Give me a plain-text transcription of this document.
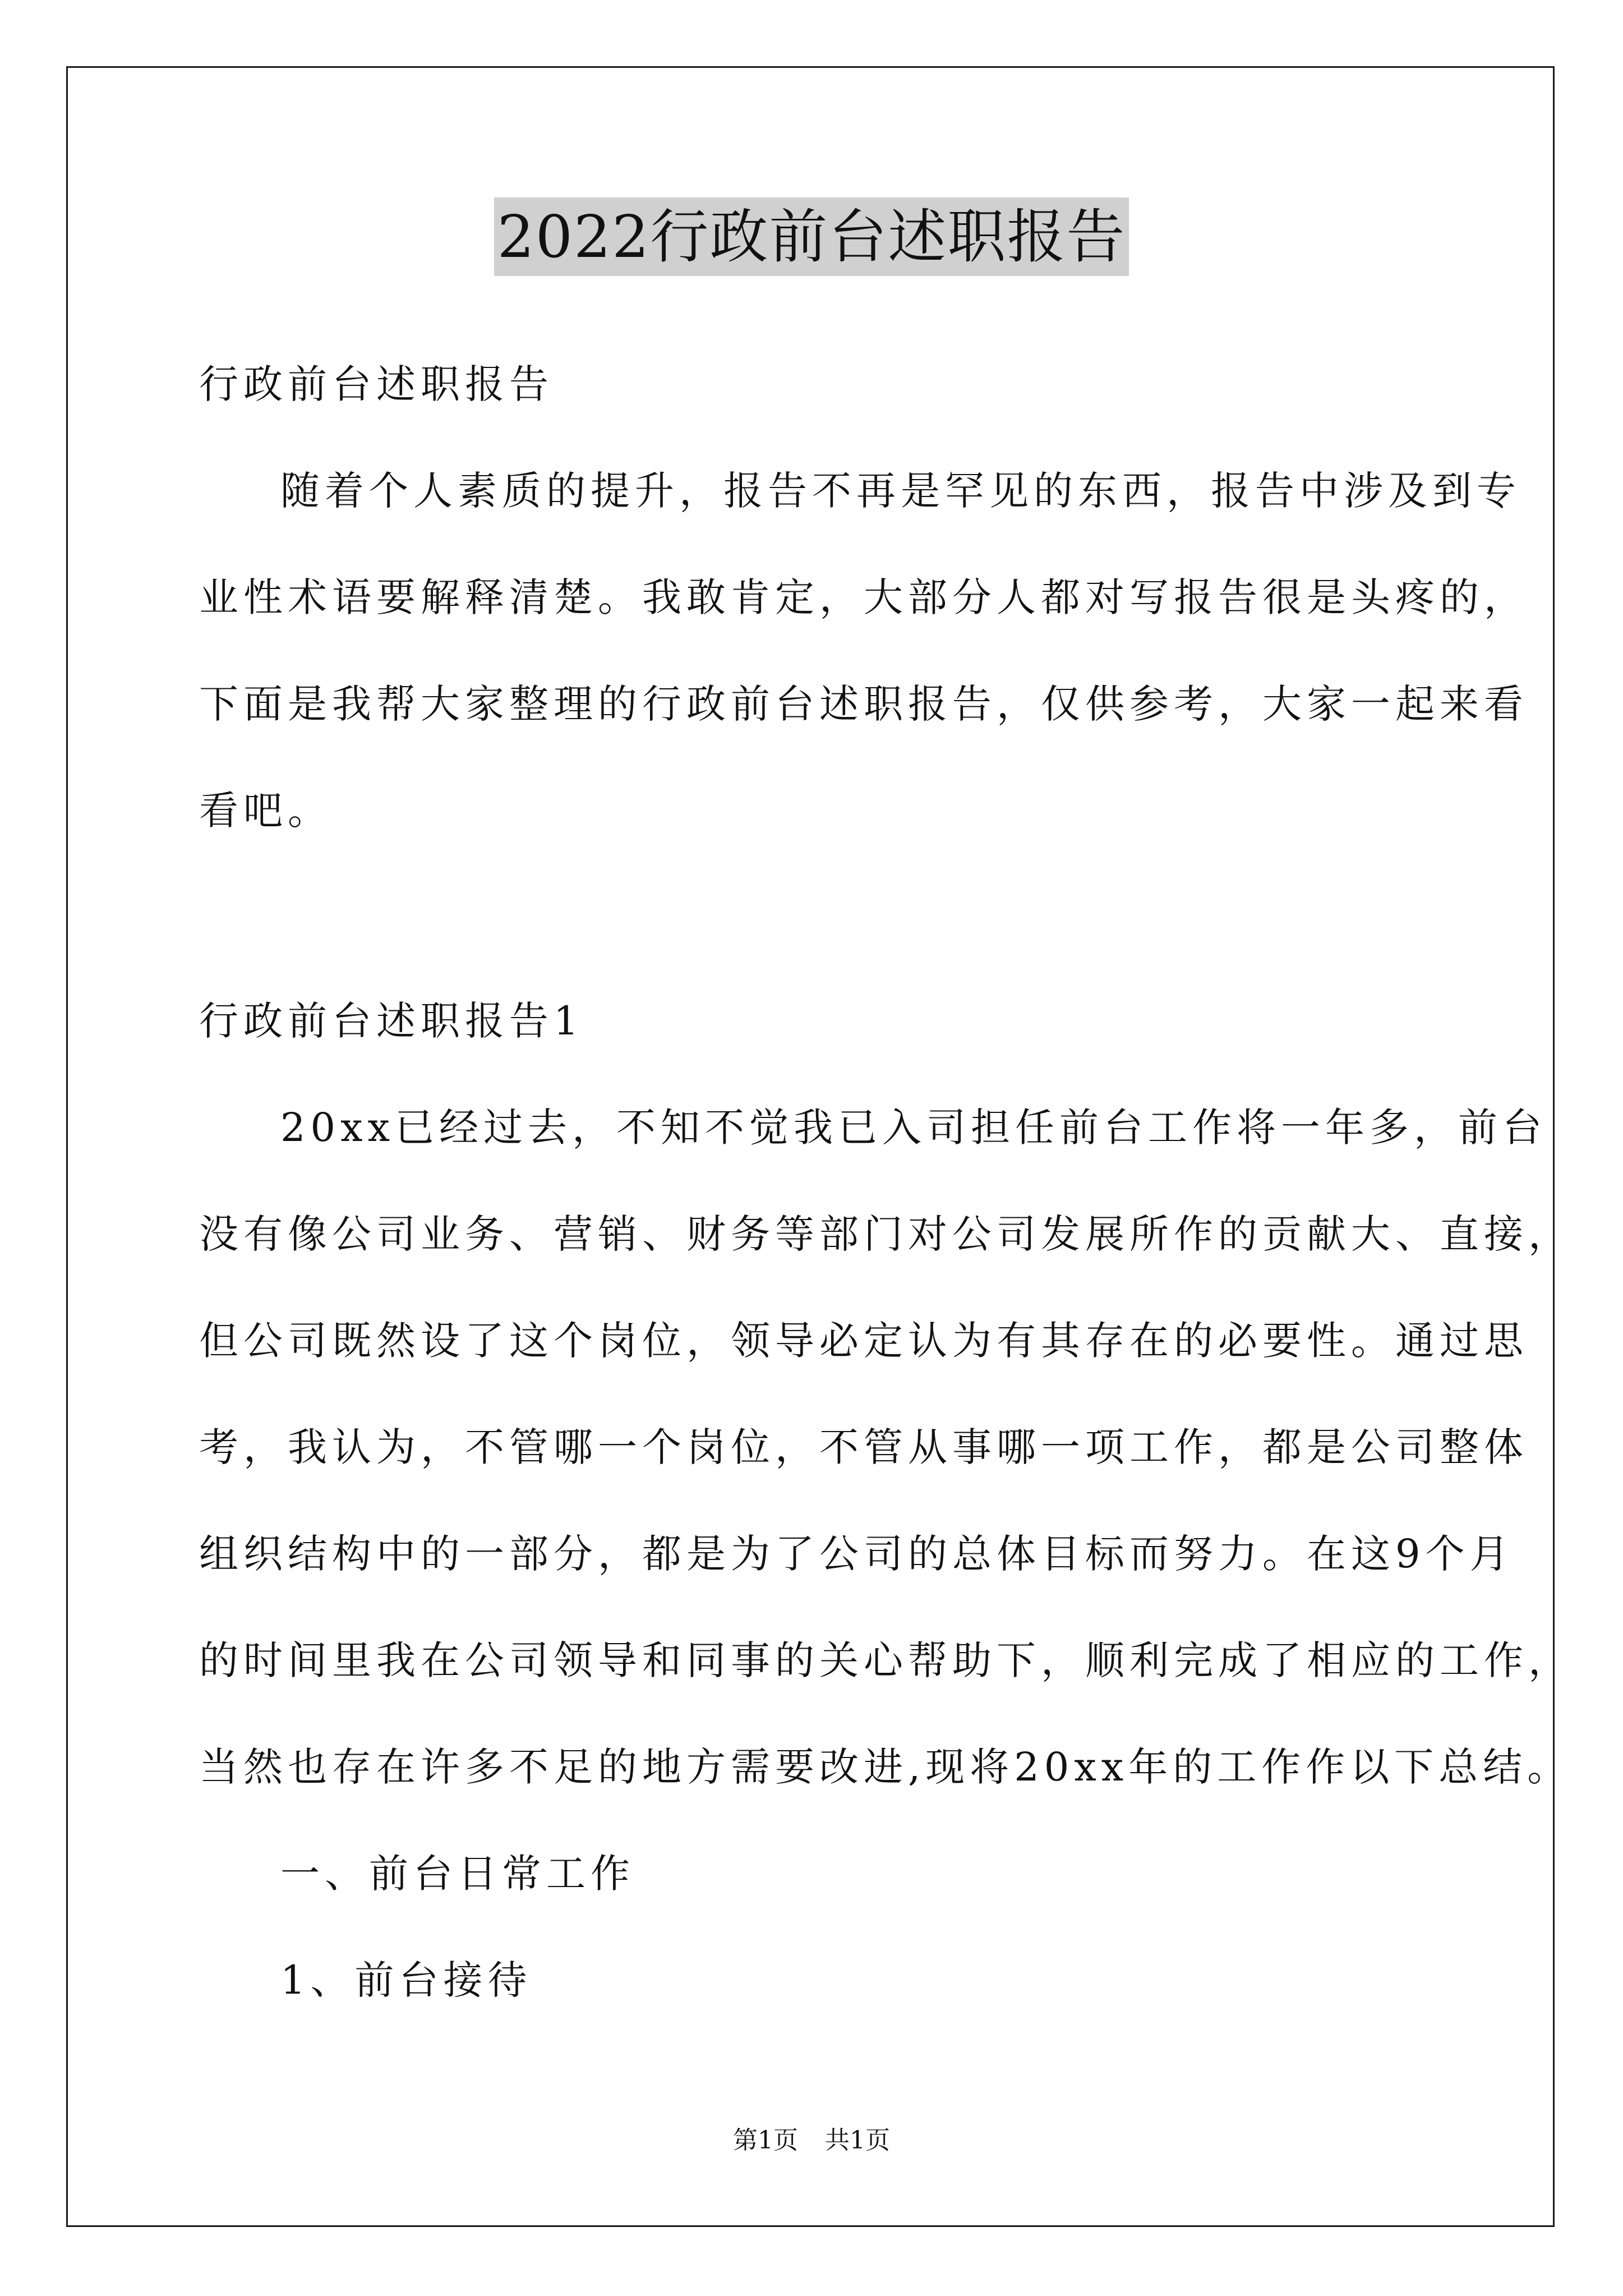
2022行政前台述职报告
行政前台述职报告
随着个人素质的提升，报告不再是罕见的东西，报告中涉及到专
业性术语要解释清楚。我敢肯定，大部分人都对写报告很是头疼的，
下面是我帮大家整理的行政前台述职报告，仅供参考，大家一起来看
看吧。
行政前台述职报告1
20xx已经过去，不知不觉我已入司担任前台工作将一年多，前台
没有像公司业务、营销、财务等部门对公司发展所作的贡献大、直接，
但公司既然设了这个岗位，领导必定认为有其存在的必要性。通过思
考，我认为，不管哪一个岗位，不管从事哪一项工作，都是公司整体
组织结构中的一部分，都是为了公司的总体目标而努力。在这9个月
的时间里我在公司领导和同事的关心帮助下，顺利完成了相应的工作，
当然也存在许多不足的地方需要改进,现将20xx年的工作作以下总结。
一、前台日常工作
1、前台接待
第1页 共1页
